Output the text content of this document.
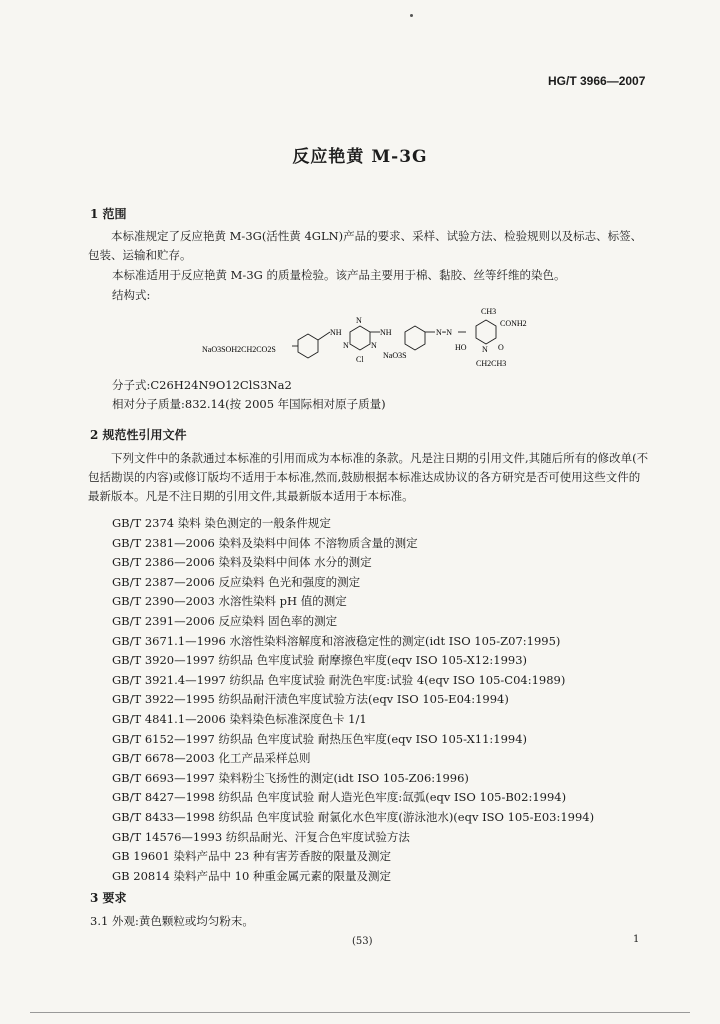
HG/T 3966—2007
反应艳黄 M-3G
1 范围
本标准规定了反应艳黄 M-3G(活性黄 4GLN)产品的要求、采样、试验方法、检验规则以及标志、标签、包装、运输和贮存。
本标准适用于反应艳黄 M-3G 的质量检验。该产品主要用于棉、黏胶、丝等纤维的染色。
结构式:
NaO3SOH2CH2CO2S
NH
N
N	N
Cl
NH
NaO3S
N=N
CH3
CONH2
HO	O
N
CH2CH3
分子式:C26H24N9O12ClS3Na2
相对分子质量:832.14(按 2005 年国际相对原子质量)
2 规范性引用文件
下列文件中的条款通过本标准的引用而成为本标准的条款。凡是注日期的引用文件,其随后所有的修改单(不包括勘误的内容)或修订版均不适用于本标准,然而,鼓励根据本标准达成协议的各方研究是否可使用这些文件的最新版本。凡是不注日期的引用文件,其最新版本适用于本标准。
GB/T 2374 染料 染色测定的一般条件规定
GB/T 2381—2006 染料及染料中间体 不溶物质含量的测定
GB/T 2386—2006 染料及染料中间体 水分的测定
GB/T 2387—2006 反应染料 色光和强度的测定
GB/T 2390—2003 水溶性染料 pH 值的测定
GB/T 2391—2006 反应染料 固色率的测定
GB/T 3671.1—1996 水溶性染料溶解度和溶液稳定性的测定(idt ISO 105-Z07:1995)
GB/T 3920—1997 纺织品 色牢度试验 耐摩擦色牢度(eqv ISO 105-X12:1993)
GB/T 3921.4—1997 纺织品 色牢度试验 耐洗色牢度:试验 4(eqv ISO 105-C04:1989)
GB/T 3922—1995 纺织品耐汗渍色牢度试验方法(eqv ISO 105-E04:1994)
GB/T 4841.1—2006 染料染色标准深度色卡 1/1
GB/T 6152—1997 纺织品 色牢度试验 耐热压色牢度(eqv ISO 105-X11:1994)
GB/T 6678—2003 化工产品采样总则
GB/T 6693—1997 染料粉尘飞扬性的测定(idt ISO 105-Z06:1996)
GB/T 8427—1998 纺织品 色牢度试验 耐人造光色牢度:氙弧(eqv ISO 105-B02:1994)
GB/T 8433—1998 纺织品 色牢度试验 耐氯化水色牢度(游泳池水)(eqv ISO 105-E03:1994)
GB/T 14576—1993 纺织品耐光、汗复合色牢度试验方法
GB 19601 染料产品中 23 种有害芳香胺的限量及测定
GB 20814 染料产品中 10 种重金属元素的限量及测定
3 要求
3.1 外观:黄色颗粒或均匀粉末。
(53)	1
